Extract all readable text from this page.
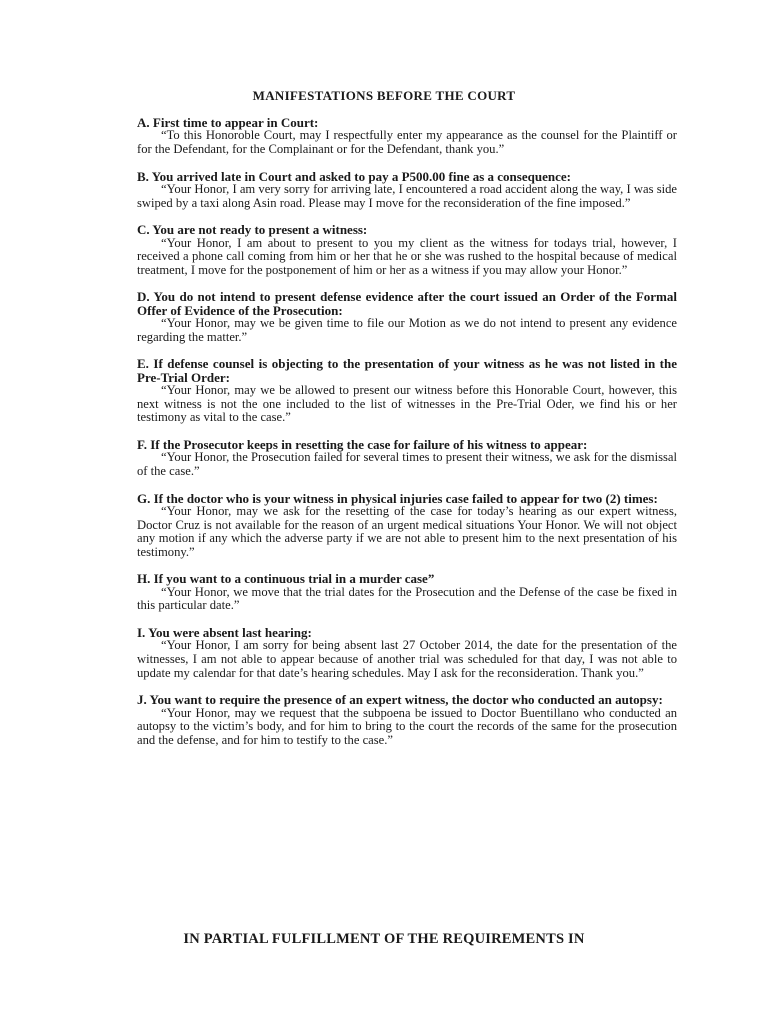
MANIFESTATIONS BEFORE THE COURT
A. First time to appear in Court:
“To this Honoroble Court, may I respectfully enter my appearance as the counsel for the Plaintiff or for the Defendant, for the Complainant or for the Defendant, thank you.”
B. You arrived late in Court and asked to pay a P500.00 fine as a consequence:
“Your Honor, I am very sorry for arriving late, I encountered a road accident along the way, I was side swiped by a taxi along Asin road. Please may I move for the reconsideration of the fine imposed.”
C. You are not ready to present a witness:
“Your Honor, I am about to present to you my client as the witness for todays trial, however, I received a phone call coming from him or her that he or she was rushed to the hospital because of medical treatment, I move for the postponement of him or her as a witness if you may allow your Honor.”
D. You do not intend to present defense evidence after the court issued an Order of the Formal Offer of Evidence of the Prosecution:
“Your Honor, may we be given time to file our Motion as we do not intend to present any evidence regarding the matter.”
E. If defense counsel is objecting to the presentation of your witness as he was not listed in the Pre-Trial Order:
“Your Honor, may we be allowed to present our witness before this Honorable Court, however, this next witness is not the one included to the list of witnesses in the Pre-Trial Oder, we find his or her testimony as vital to the case.”
F. If the Prosecutor keeps in resetting the case for failure of his witness to appear:
“Your Honor, the Prosecution failed for several times to present their witness, we ask for the dismissal of the case.”
G. If the doctor who is your witness in physical injuries case failed to appear for two (2) times:
“Your Honor, may we ask for the resetting of the case for today’s hearing as our expert witness, Doctor Cruz is not available for the reason of an urgent medical situations Your Honor. We will not object any motion if any which the adverse party if we are not able to present him to the next presentation of his testimony.”
H. If you want to a continuous trial in a murder case”
“Your Honor, we move that the trial dates for the Prosecution and the Defense of the case be fixed in this particular date.”
I. You were absent last hearing:
“Your Honor, I am sorry for being absent last 27 October 2014, the date for the presentation of the witnesses, I am not able to appear because of another trial was scheduled for that day, I was not able to update my calendar for that date’s hearing schedules. May I ask for the reconsideration. Thank you.”
J. You want to require the presence of an expert witness, the doctor who conducted an autopsy:
“Your Honor, may we request that the subpoena be issued to Doctor Buentillano who conducted an autopsy to the victim’s body, and for him to bring to the court the records of the same for the prosecution and the defense, and for him to testify to the case.”
IN PARTIAL FULFILLMENT OF THE REQUIREMENTS IN
